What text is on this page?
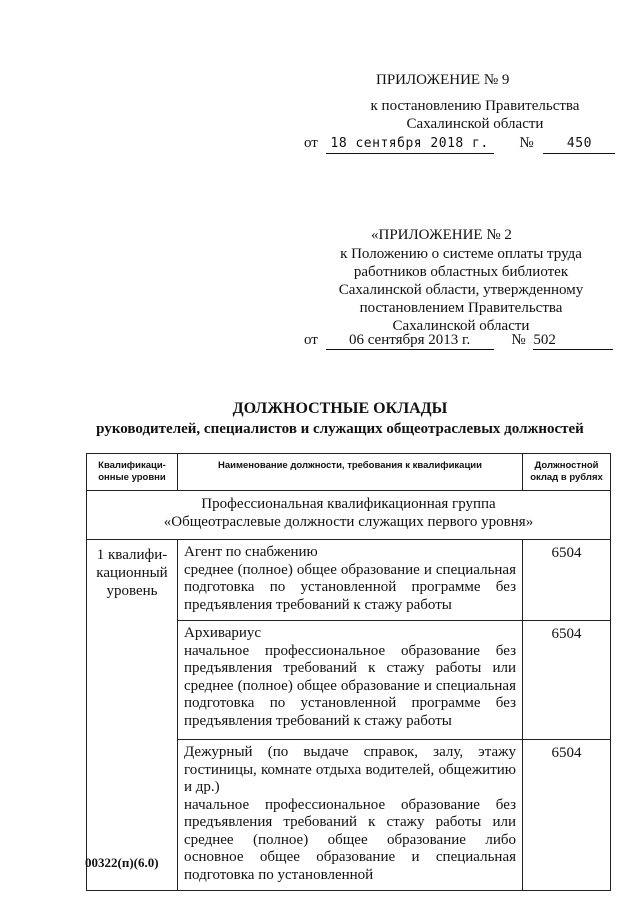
ПРИЛОЖЕНИЕ № 9
к постановлению Правительства
Сахалинской области
от 18 сентября 2018 г. №	450
«ПРИЛОЖЕНИЕ № 2
к Положению о системе оплаты труда
работников областных библиотек
Сахалинской области, утвержденному
постановлением Правительства
Сахалинской области
от 06 сентября 2013 г.	№ 502
ДОЛЖНОСТНЫЕ ОКЛАДЫ
руководителей, специалистов и служащих общеотраслевых должностей
Квалификаци-онные уровни	Наименование должности, требования к квалификации	Должностной оклад в рублях

Профессиональная квалификационная группа
«Общеотраслевые должности служащих первого уровня»		

1 квалифи-кационный уровень	Агент по снабжению
среднее (полное) общее образование и специальная подготовка по установленной программе без предъявления требований к стажу работы	6504

	Архивариус
начальное профессиональное образование без предъявления требований к стажу работы или среднее (полное) общее образование и специальная подготовка по установленной программе без предъявления требований к стажу работы	6504

	Дежурный (по выдаче справок, залу, этажу гостиницы, комнате отдыха водителей, общежитию и др.)
начальное профессиональное образование без предъявления требований к стажу работы или среднее (полное) общее образование либо основное общее образование и специальная подготовка по установленной	6504
00322(п)(6.0)
